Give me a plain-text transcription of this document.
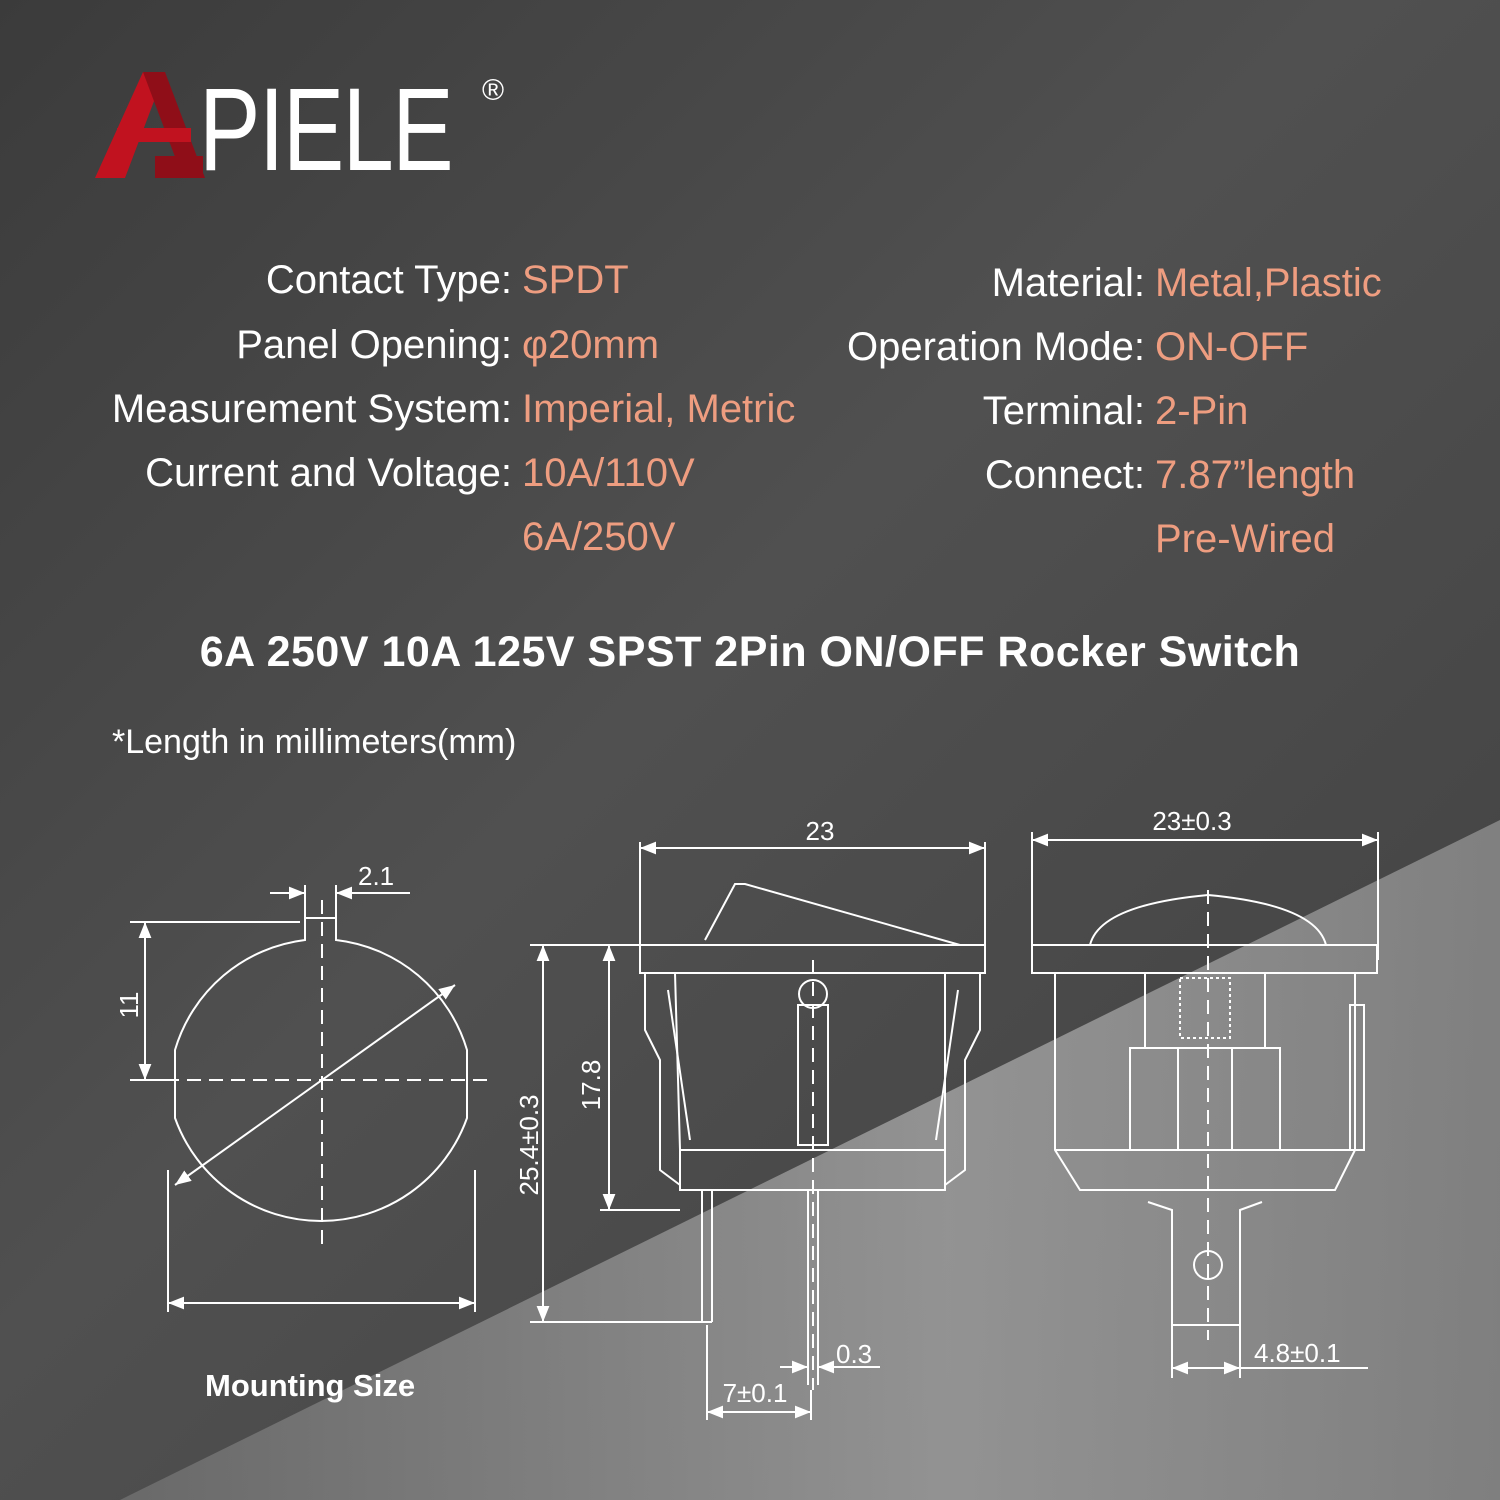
PIELE ®
Contact Type: SPDT
Panel Opening: φ20mm
Measurement System: Imperial, Metric
Current and Voltage: 10A/110V
6A/250V
Material: Metal,Plastic
Operation Mode: ON-OFF
Terminal: 2-Pin
Connect: 7.87”length
Pre-Wired
6A 250V 10A 125V SPST 2Pin ON/OFF Rocker Switch
*Length in millimeters(mm)
Mounting Size
2.1
11
23
25.4±0.3
17.8
0.3
7±0.1
23±0.3
4.8±0.1
